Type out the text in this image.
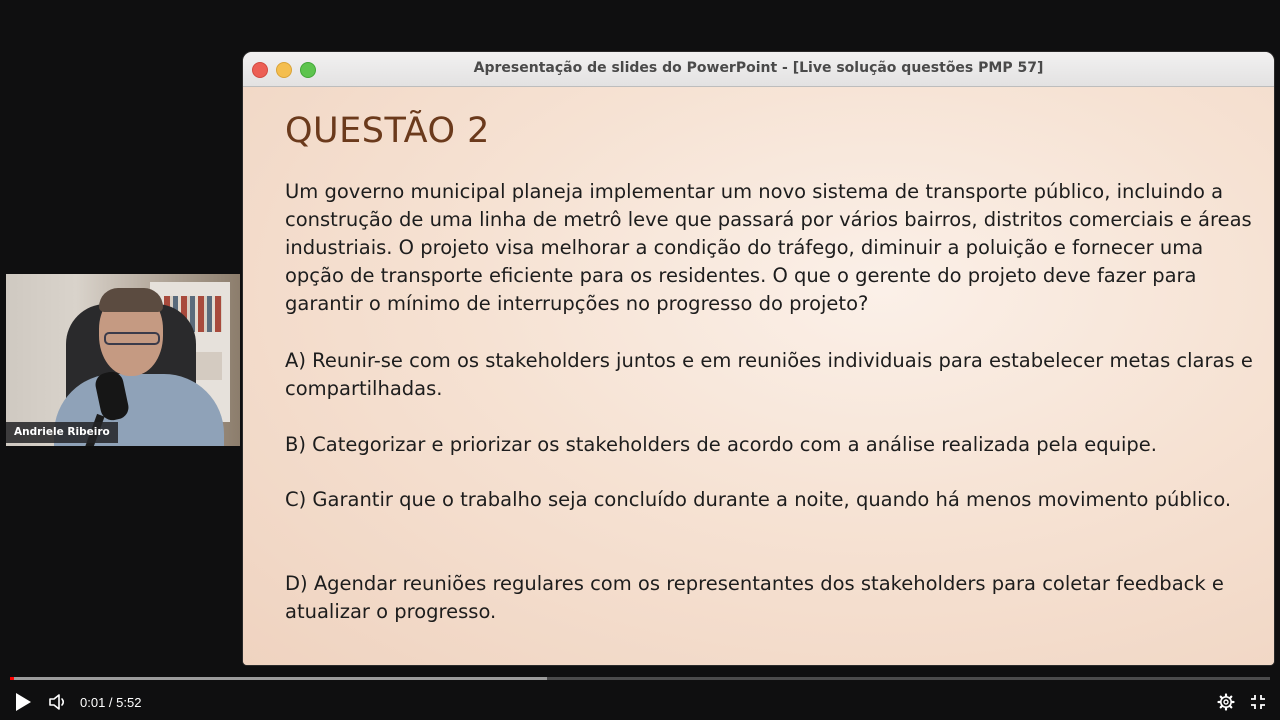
Apresentação de slides do PowerPoint - [Live solução questões PMP 57]
QUESTÃO 2

Um governo municipal planeja implementar um novo sistema de transporte público, incluindo a construção de uma linha de metrô leve que passará por vários bairros, distritos comerciais e áreas industriais. O projeto visa melhorar a condição do tráfego, diminuir a poluição e fornecer uma opção de transporte eficiente para os residentes. O que o gerente do projeto deve fazer para garantir o mínimo de interrupções no progresso do projeto?

A) Reunir-se com os stakeholders juntos e em reuniões individuais para estabelecer metas claras e compartilhadas.

B) Categorizar e priorizar os stakeholders de acordo com a análise realizada pela equipe.

C) Garantir que o trabalho seja concluído durante a noite, quando há menos movimento público.

D) Agendar reuniões regulares com os representantes dos stakeholders para coletar feedback e atualizar o progresso.

Andriele Ribeiro
0:01 / 5:52
